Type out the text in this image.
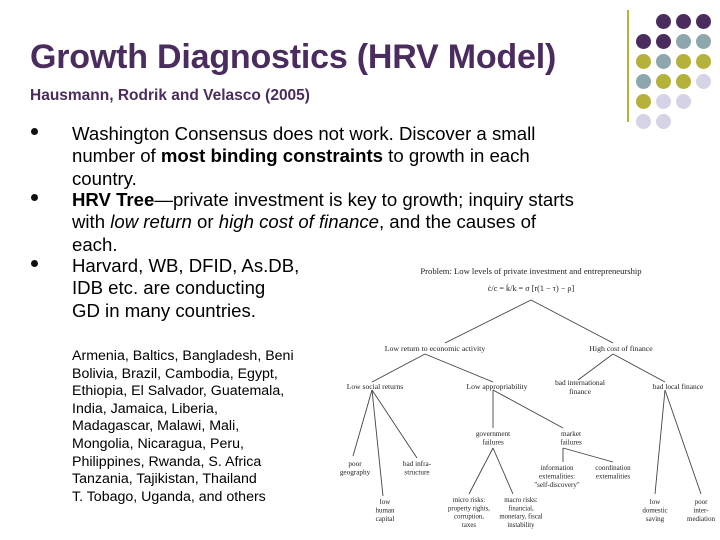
Growth Diagnostics (HRV Model)
Hausmann, Rodrik and Velasco (2005)
Washington Consensus does not work. Discover a small
number of most binding constraints to growth in each
country.
HRV Tree—private investment is key to growth; inquiry starts
with low return or high cost of finance, and the causes of
each.
Harvard, WB, DFID, As.DB,
IDB etc. are conducting
GD in many countries.
Armenia, Baltics, Bangladesh, Beni
Bolivia, Brazil, Cambodia, Egypt,
Ethiopia, El Salvador, Guatemala,
India, Jamaica, Liberia,
Madagascar, Malawi, Mali,
Mongolia, Nicaragua, Peru,
Philippines, Rwanda, S. Africa
Tanzania, Tajikistan, Thailand
T. Tobago, Uganda, and others
Problem: Low levels of private investment and entrepreneurship
ċ/c = k̇/k = σ [r(1 − τ) − ρ]
Low return to economic activity	High cost of finance
Low social returns	Low appropriability	bad international
finance
bad local finance
government
failures
market
failures
poor
geography
bad infra-
structure
information
externalities:
"self-discovery"
coordination
externalities
low
human
capital
micro risks:
property rights,
corruption,
taxes
macro risks:
financial,
monetary, fiscal
instability
low
domestic
saving
poor
inter-
mediation
